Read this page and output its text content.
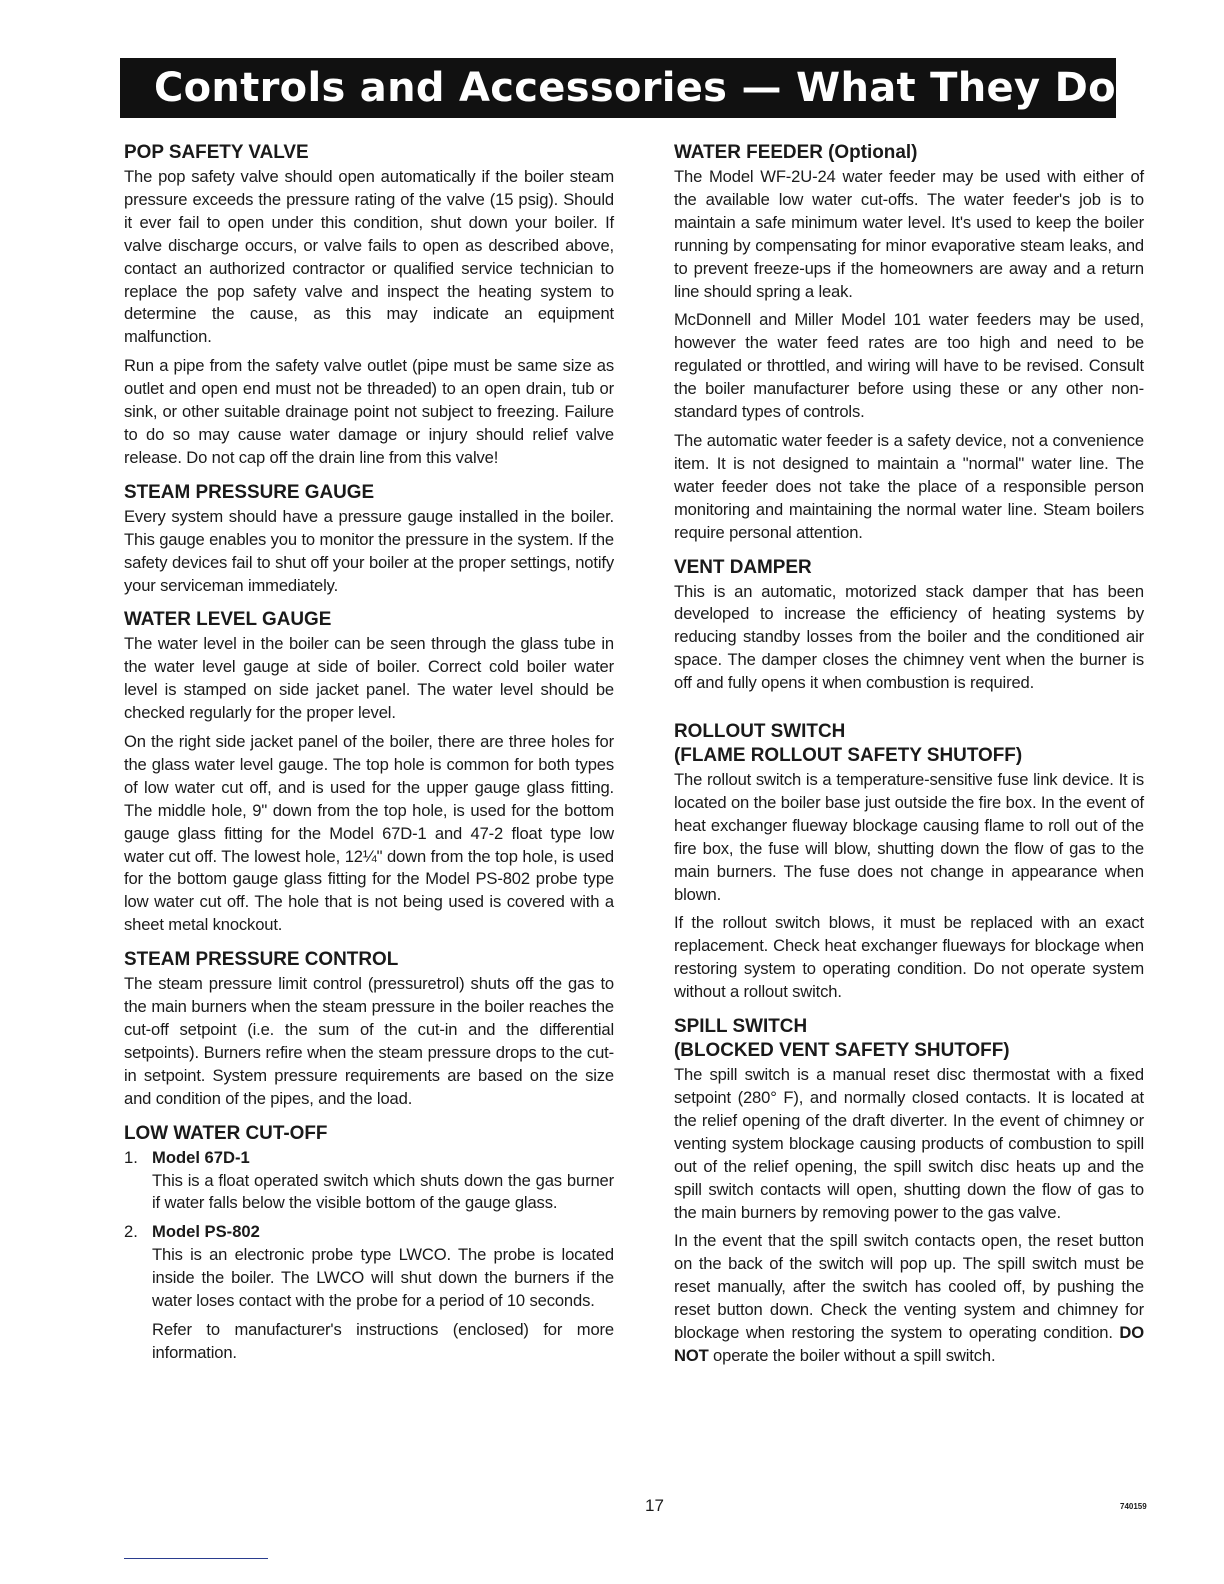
Controls and Accessories — What They Do
POP SAFETY VALVE

The pop safety valve should open automatically if the boiler steam pressure exceeds the pressure rating of the valve (15 psig). Should it ever fail to open under this condition, shut down your boiler. If valve discharge occurs, or valve fails to open as described above, contact an authorized contractor or qualified service technician to replace the pop safety valve and inspect the heating system to determine the cause, as this may indicate an equipment malfunction.

Run a pipe from the safety valve outlet (pipe must be same size as outlet and open end must not be threaded) to an open drain, tub or sink, or other suitable drainage point not subject to freezing. Failure to do so may cause water damage or injury should relief valve release. Do not cap off the drain line from this valve!

STEAM PRESSURE GAUGE

Every system should have a pressure gauge installed in the boiler. This gauge enables you to monitor the pressure in the system. If the safety devices fail to shut off your boiler at the proper settings, notify your serviceman immediately.

WATER LEVEL GAUGE

The water level in the boiler can be seen through the glass tube in the water level gauge at side of boiler. Correct cold boiler water level is stamped on side jacket panel. The water level should be checked regularly for the proper level.

On the right side jacket panel of the boiler, there are three holes for the glass water level gauge. The top hole is common for both types of low water cut off, and is used for the upper gauge glass fitting. The middle hole, 9" down from the top hole, is used for the bottom gauge glass fitting for the Model 67D-1 and 47-2 float type low water cut off. The lowest hole, 12¼" down from the top hole, is used for the bottom gauge glass fitting for the Model PS-802 probe type low water cut off. The hole that is not being used is covered with a sheet metal knockout.

STEAM PRESSURE CONTROL

The steam pressure limit control (pressuretrol) shuts off the gas to the main burners when the steam pressure in the boiler reaches the cut-off setpoint (i.e. the sum of the cut-in and the differential setpoints). Burners refire when the steam pressure drops to the cut-in setpoint. System pressure requirements are based on the size and condition of the pipes, and the load.

LOW WATER CUT-OFF
1. Model 67D-1

This is a float operated switch which shuts down the gas burner if water falls below the visible bottom of the gauge glass.

2. Model PS-802

This is an electronic probe type LWCO. The probe is located inside the boiler. The LWCO will shut down the burners if the water loses contact with the probe for a period of 10 seconds.

Refer to manufacturer's instructions (enclosed) for more information.

WATER FEEDER (Optional)

The Model WF-2U-24 water feeder may be used with either of the available low water cut-offs. The water feeder's job is to maintain a safe minimum water level. It's used to keep the boiler running by compensating for minor evaporative steam leaks, and to prevent freeze-ups if the homeowners are away and a return line should spring a leak.

McDonnell and Miller Model 101 water feeders may be used, however the water feed rates are too high and need to be regulated or throttled, and wiring will have to be revised. Consult the boiler manufacturer before using these or any other non-standard types of controls.

The automatic water feeder is a safety device, not a convenience item. It is not designed to maintain a "normal" water line. The water feeder does not take the place of a responsible person monitoring and maintaining the normal water line. Steam boilers require personal attention.

VENT DAMPER

This is an automatic, motorized stack damper that has been developed to increase the efficiency of heating systems by reducing standby losses from the boiler and the conditioned air space. The damper closes the chimney vent when the burner is off and fully opens it when combustion is required.

ROLLOUT SWITCH
(FLAME ROLLOUT SAFETY SHUTOFF)

The rollout switch is a temperature-sensitive fuse link device. It is located on the boiler base just outside the fire box. In the event of heat exchanger flueway blockage causing flame to roll out of the fire box, the fuse will blow, shutting down the flow of gas to the main burners. The fuse does not change in appearance when blown.

If the rollout switch blows, it must be replaced with an exact replacement. Check heat exchanger flueways for blockage when restoring system to operating condition. Do not operate system without a rollout switch.

SPILL SWITCH
(BLOCKED VENT SAFETY SHUTOFF)

The spill switch is a manual reset disc thermostat with a fixed setpoint (280° F), and normally closed contacts. It is located at the relief opening of the draft diverter. In the event of chimney or venting system blockage causing products of combustion to spill out of the relief opening, the spill switch disc heats up and the spill switch contacts will open, shutting down the flow of gas to the main burners by removing power to the gas valve.

In the event that the spill switch contacts open, the reset button on the back of the switch will pop up. The spill switch must be reset manually, after the switch has cooled off, by pushing the reset button down. Check the venting system and chimney for blockage when restoring the system to operating condition. DO NOT operate the boiler without a spill switch.

17	740159
